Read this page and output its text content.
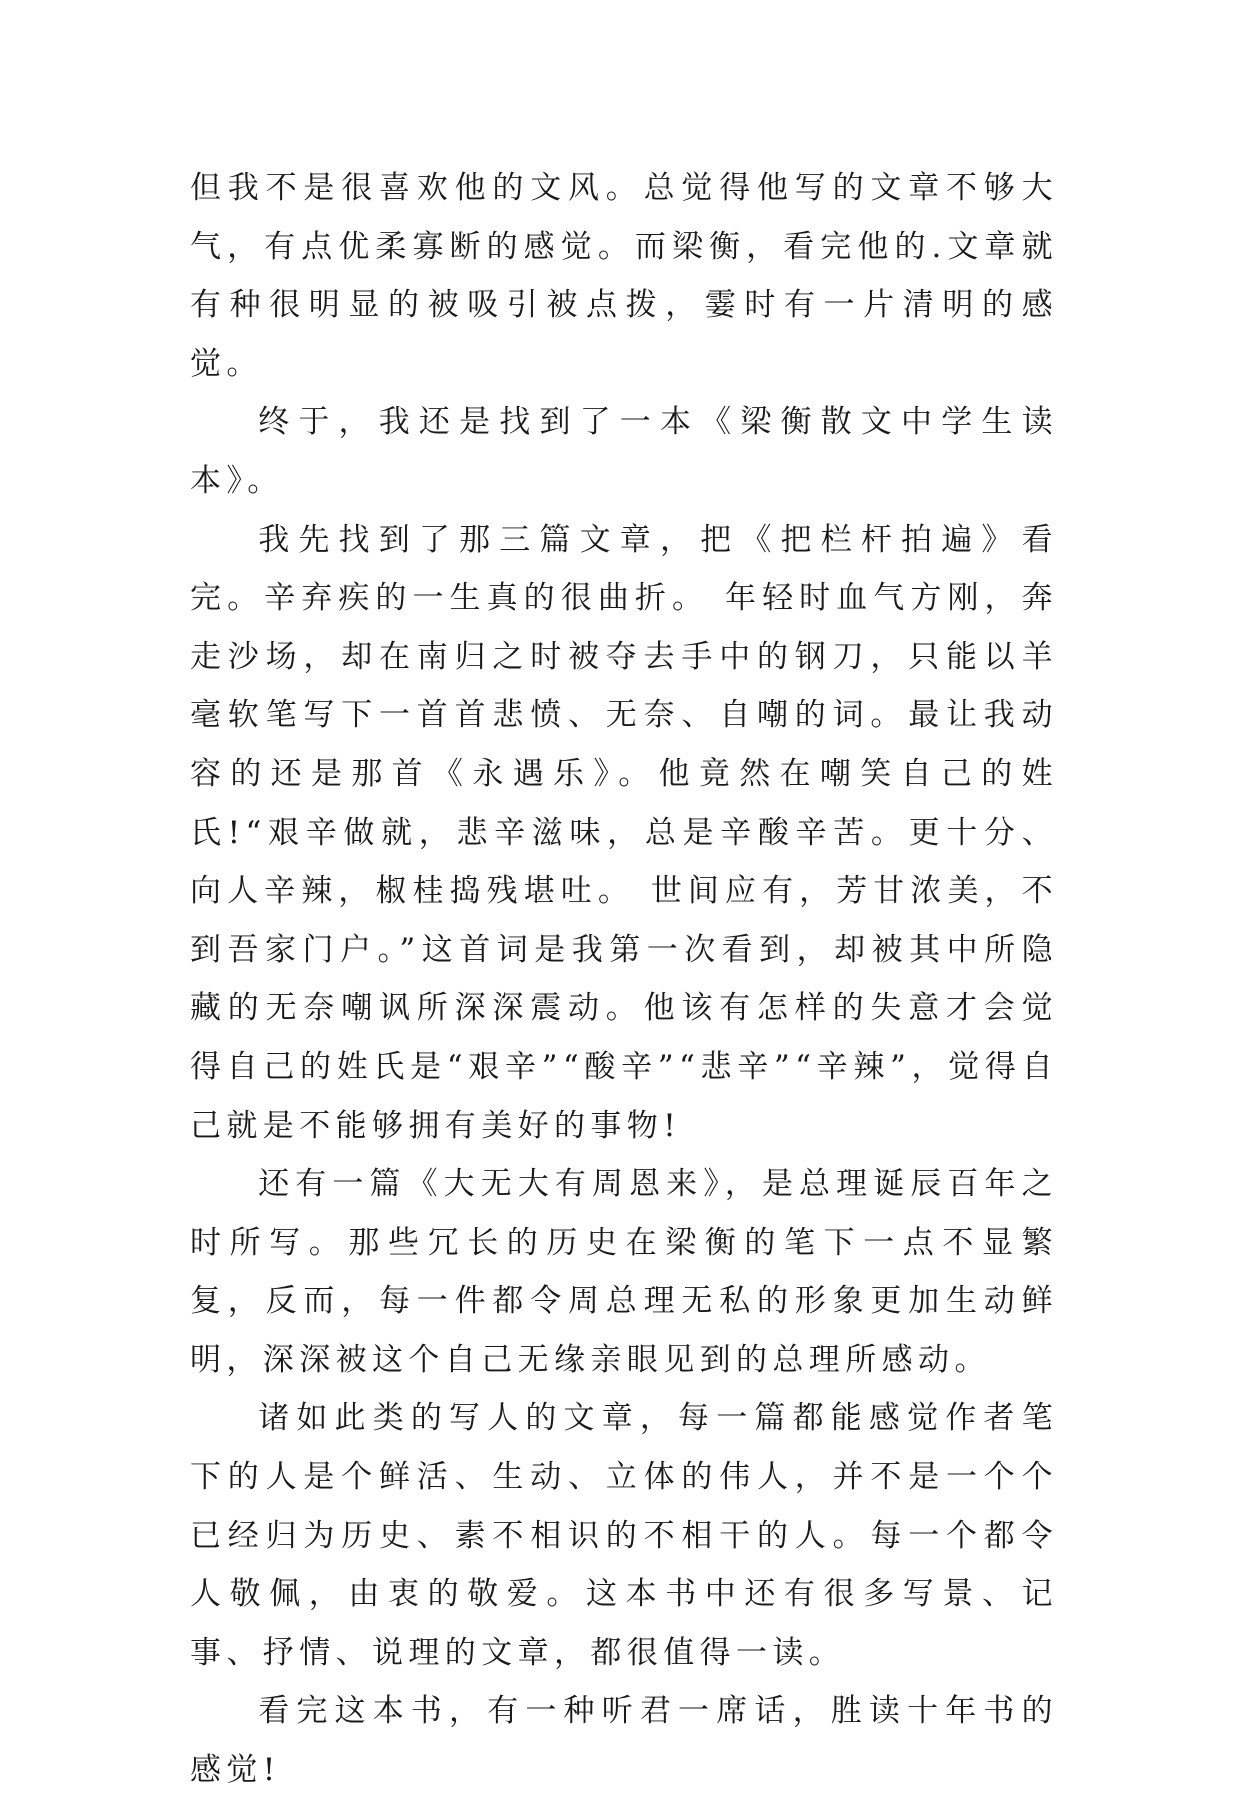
但我不是很喜欢他的文风。总觉得他写的文章不够大气，有点优柔寡断的感觉。而梁衡，看完他的.文章就有种很明显的被吸引被点拨，霎时有一片清明的感觉。

终于，我还是找到了一本《梁衡散文中学生读本》。

我先找到了那三篇文章，把《把栏杆拍遍》看完。辛弃疾的一生真的很曲折。 年轻时血气方刚，奔走沙场，却在南归之时被夺去手中的钢刀，只能以羊毫软笔写下一首首悲愤、无奈、自嘲的词。最让我动容的还是那首《永遇乐》。他竟然在嘲笑自己的姓氏!“艰辛做就，悲辛滋味，总是辛酸辛苦。更十分、向人辛辣，椒桂捣残堪吐。 世间应有，芳甘浓美，不到吾家门户。”这首词是我第一次看到，却被其中所隐藏的无奈嘲讽所深深震动。他该有怎样的失意才会觉得自己的姓氏是“艰辛”“酸辛”“悲辛”“辛辣”，觉得自己就是不能够拥有美好的事物!

还有一篇《大无大有周恩来》，是总理诞辰百年之时所写。那些冗长的历史在梁衡的笔下一点不显繁复，反而，每一件都令周总理无私的形象更加生动鲜明，深深被这个自己无缘亲眼见到的总理所感动。

诸如此类的写人的文章，每一篇都能感觉作者笔下的人是个鲜活、生动、立体的伟人，并不是一个个已经归为历史、素不相识的不相干的人。每一个都令人敬佩，由衷的敬爱。这本书中还有很多写景、记事、抒情、说理的文章，都很值得一读。

看完这本书，有一种听君一席话，胜读十年书的感觉!
